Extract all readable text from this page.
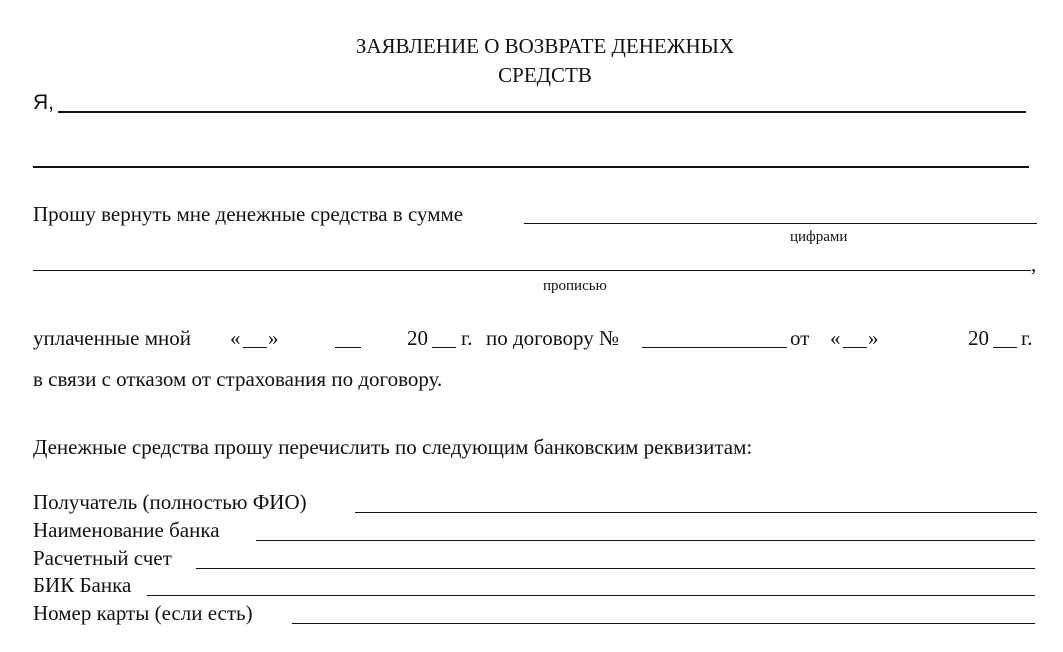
ЗАЯВЛЕНИЕ О ВОЗВРАТЕ ДЕНЕЖНЫХ
СРЕДСТВ
Я,
Прошу вернуть мне денежные средства в сумме
цифрами
,
прописью
уплаченные мной « »	20 г. по договору №	от « »	20 г.
в связи с отказом от страхования по договору.
Денежные средства прошу перечислить по следующим банковским реквизитам:
Получатель (полностью ФИО)
Наименование банка
Расчетный счет
БИК Банка
Номер карты (если есть)
